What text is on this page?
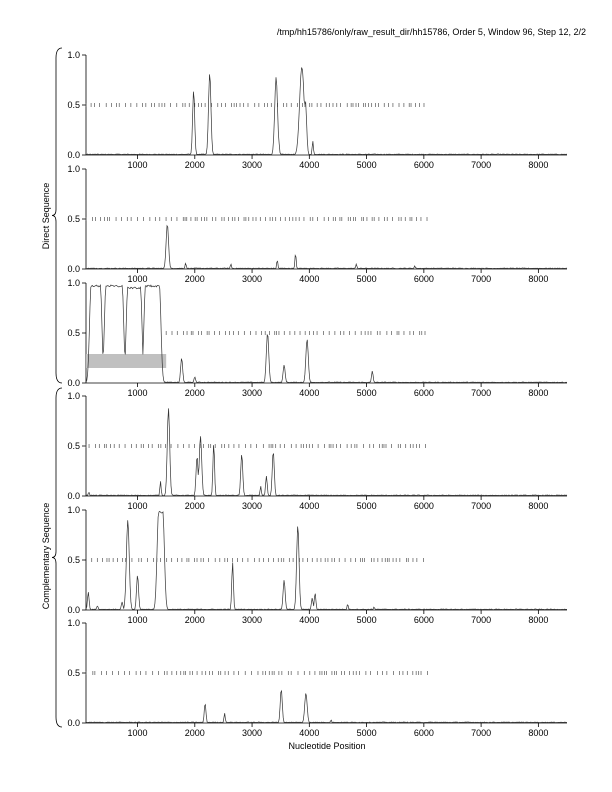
/tmp/hh15786/only/raw_result_dir/hh15786, Order 5, Window 96, Step 12, 2/2
0.0
0.5
1.0
1000	2000	3000	4000	5000	6000	7000	8000
0.0
0.5
1.0
1000	2000	3000	4000	5000	6000	7000	8000
0.0
0.5
1.0
1000	2000	3000	4000	5000	6000	7000	8000
0.0
0.5
1.0
1000	2000	3000	4000	5000	6000	7000	8000
0.0
0.5
1.0
1000	2000	3000	4000	5000	6000	7000	8000
0.0
0.5
1.0
1000	2000	3000	4000	5000	6000	7000	8000
Direct Sequence
Complementary Sequence
Nucleotide Position
